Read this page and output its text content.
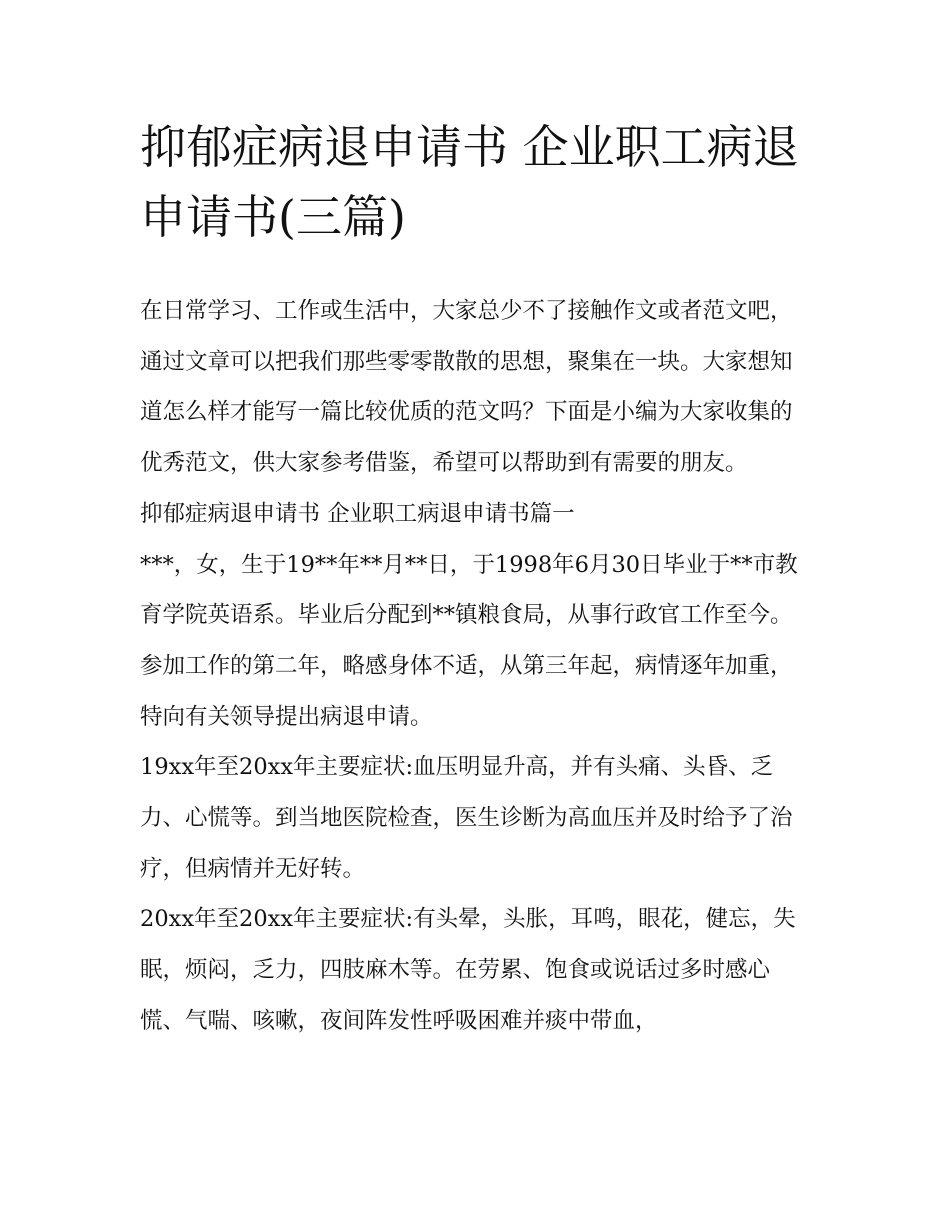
抑郁症病退申请书 企业职工病退申请书(三篇)

在日常学习、工作或生活中，大家总少不了接触作文或者范文吧，通过文章可以把我们那些零零散散的思想，聚集在一块。大家想知道怎么样才能写一篇比较优质的范文吗？下面是小编为大家收集的优秀范文，供大家参考借鉴，希望可以帮助到有需要的朋友。

抑郁症病退申请书 企业职工病退申请书篇一

***，女，生于19**年**月**日，于1998年6月30日毕业于**市教育学院英语系。毕业后分配到**镇粮食局，从事行政官工作至今。参加工作的第二年，略感身体不适，从第三年起，病情逐年加重，特向有关领导提出病退申请。

19xx年至20xx年主要症状:血压明显升高，并有头痛、头昏、乏力、心慌等。到当地医院检查，医生诊断为高血压并及时给予了治疗，但病情并无好转。

20xx年至20xx年主要症状:有头晕，头胀，耳鸣，眼花，健忘，失眠，烦闷，乏力，四肢麻木等。在劳累、饱食或说话过多时感心慌、气喘、咳嗽，夜间阵发性呼吸困难并痰中带血，
